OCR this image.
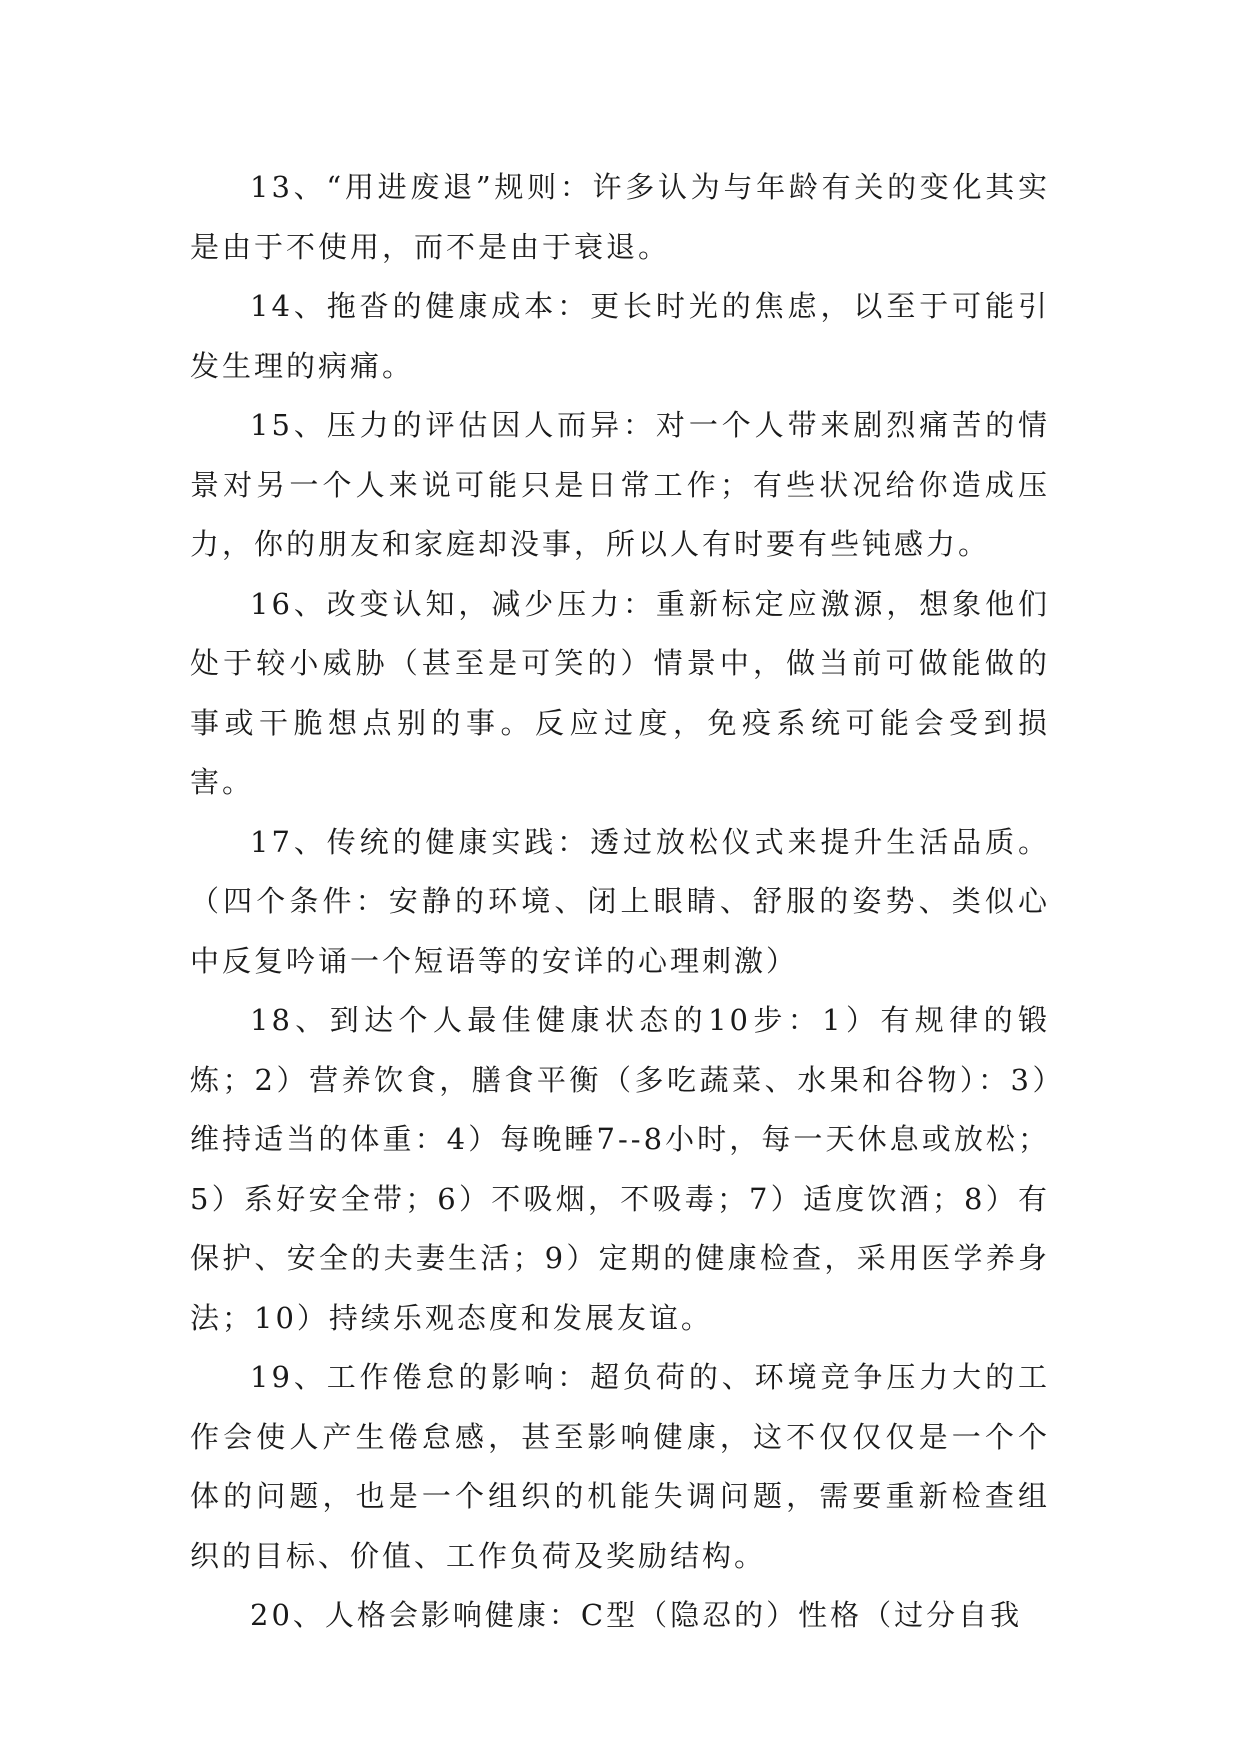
13、“用进废退”规则：许多认为与年龄有关的变化其实是由于不使用，而不是由于衰退。

14、拖沓的健康成本：更长时光的焦虑，以至于可能引发生理的病痛。

15、压力的评估因人而异：对一个人带来剧烈痛苦的情景对另一个人来说可能只是日常工作；有些状况给你造成压力，你的朋友和家庭却没事，所以人有时要有些钝感力。

16、改变认知，减少压力：重新标定应激源，想象他们处于较小威胁（甚至是可笑的）情景中，做当前可做能做的事或干脆想点别的事。反应过度，免疫系统可能会受到损害。

17、传统的健康实践：透过放松仪式来提升生活品质。（四个条件：安静的环境、闭上眼睛、舒服的姿势、类似心中反复吟诵一个短语等的安详的心理刺激）

18、到达个人最佳健康状态的10步：1）有规律的锻炼；2）营养饮食，膳食平衡（多吃蔬菜、水果和谷物）：3）维持适当的体重：4）每晚睡7--8小时，每一天休息或放松；5）系好安全带；6）不吸烟，不吸毒；7）适度饮酒；8）有保护、安全的夫妻生活；9）定期的健康检查，采用医学养身法；10）持续乐观态度和发展友谊。

19、工作倦怠的影响：超负荷的、环境竞争压力大的工作会使人产生倦怠感，甚至影响健康，这不仅仅仅是一个个体的问题，也是一个组织的机能失调问题，需要重新检查组织的目标、价值、工作负荷及奖励结构。

20、人格会影响健康：C型（隐忍的）性格（过分自我
